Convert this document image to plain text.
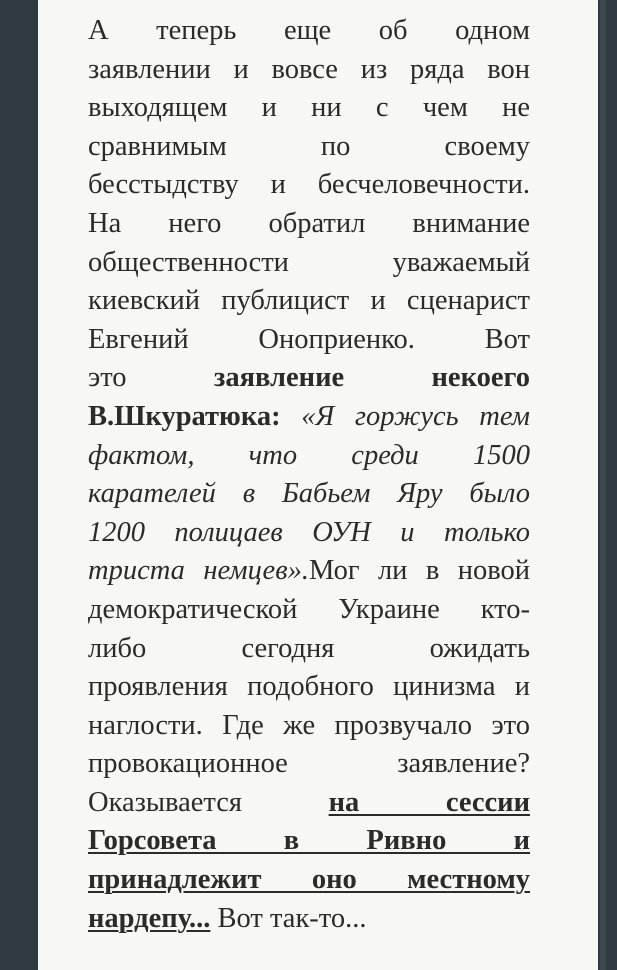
А теперь еще об одном
заявлении и вовсе из ряда вон
выходящем и ни с чем не
сравнимым по своему
бесстыдству и бесчеловечности.
На него обратил внимание
общественности уважаемый
киевский публицист и сценарист
Евгений Оноприенко. Вот
это заявление некоего
В.Шкуратюка: «Я горжусь тем
фактом, что среди 1500
карателей в Бабьем Яру было
1200 полицаев ОУН и только
триста немцев».Мог ли в новой
демократической Украине кто-
либо сегодня ожидать
проявления подобного цинизма и
наглости. Где же прозвучало это
провокационное заявление?
Оказывается на сессии
Горсовета в Ривно и
принадлежит оно местному
нардепу... Вот так-то...
